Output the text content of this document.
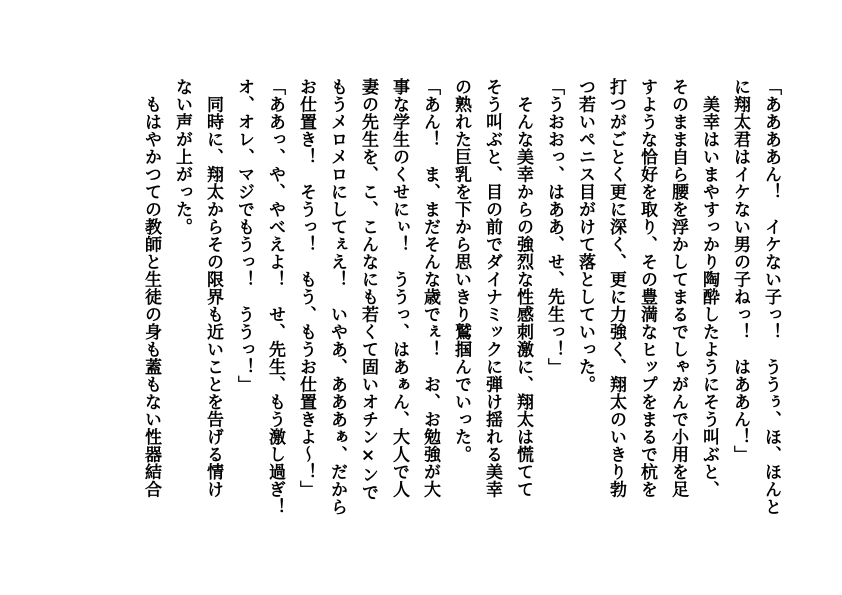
「ああああん！　イケない子っ！　ううぅ、ほ、ほんと
に翔太君はイケない男の子ねっ！　はああん！」
　美幸はいまやすっかり陶酔したようにそう叫ぶと、
そのまま自ら腰を浮かしてまるでしゃがんで小用を足
すような恰好を取り、その豊満なヒップをまるで杭を
打つがごとく更に深く、更に力強く、翔太のいきり勃
つ若いペニス目がけて落としていった。
「うおおっ、はああ、せ、先生っ！」
　そんな美幸からの強烈な性感刺激に、翔太は慌てて
そう叫ぶと、目の前でダイナミックに弾け揺れる美幸
の熟れた巨乳を下から思いきり鷲掴んでいった。
「あん！　ま、まだそんな歳でぇ！　お、お勉強が大
事な学生のくせにぃ！　ううっ、はあぁん、大人で人
妻の先生を、こ、こんなにも若くて固いオチン×ンで
もうメロメロにしてぇえ！　いやあ、あああぁ、だから
お仕置き！　そうっ！　もう、もうお仕置きよ～！」
「ああっ、や、やべえよ！　せ、先生、もう激し過ぎ！
オ、オレ、マジでもうっ！　ううっ！」
　同時に、翔太からその限界も近いことを告げる情け
ない声が上がった。
　もはやかつての教師と生徒の身も蓋もない性器結合
